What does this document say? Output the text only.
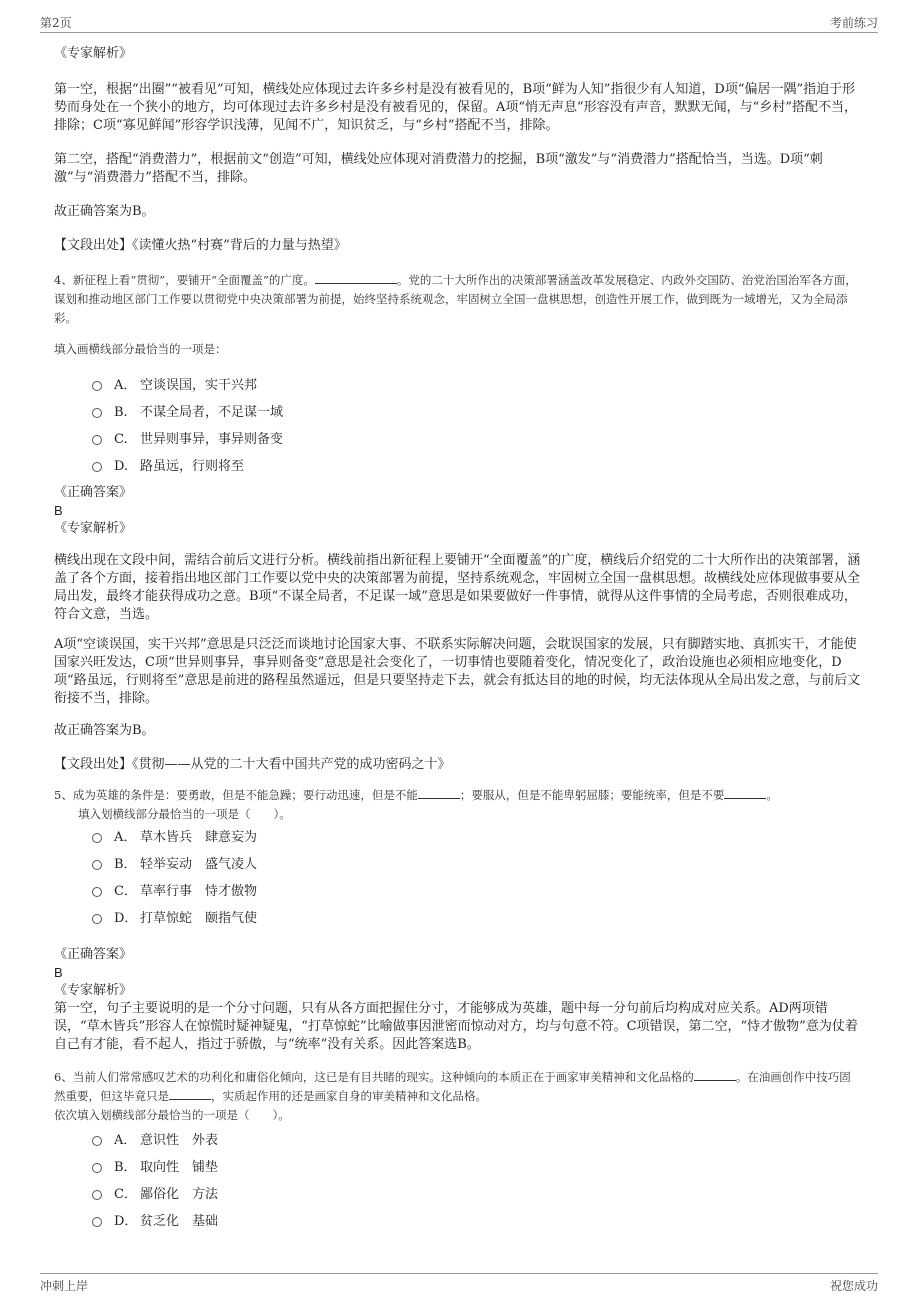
第2页	考前练习

《专家解析》

第一空，根据“出圈”“被看见”可知，横线处应体现过去许多乡村是没有被看见的，B项“鲜为人知”指很少有人知道，D项“偏居一隅”指迫于形势而身处在一个狭小的地方，均可体现过去许多乡村是没有被看见的，保留。A项“悄无声息”形容没有声音，默默无闻，与“乡村”搭配不当，排除；C项“寡见鲜闻”形容学识浅薄，见闻不广，知识贫乏，与“乡村”搭配不当，排除。

第二空，搭配“消费潜力”，根据前文“创造”可知，横线处应体现对消费潜力的挖掘，B项“激发”与“消费潜力”搭配恰当，当选。D项“刺激”与“消费潜力”搭配不当，排除。

故正确答案为B。

【文段出处】《读懂火热“村赛”背后的力量与热望》

4、新征程上看“贯彻”，要铺开“全面覆盖”的广度。	。党的二十大所作出的决策部署涵盖改革发展稳定、内政外交国防、治党治国治军各方面，谋划和推动地区部门工作要以贯彻党中央决策部署为前提，始终坚持系统观念，牢固树立全国一盘棋思想，创造性开展工作，做到既为一域增光，又为全局添彩。

填入画横线部分最恰当的一项是：

A． 空谈误国，实干兴邦
B. 不谋全局者，不足谋一域
C. 世异则事异，事异则备变
D. 路虽远，行则将至

《正确答案》

B

《专家解析》

横线出现在文段中间，需结合前后文进行分析。横线前指出新征程上要铺开“全面覆盖”的广度，横线后介绍党的二十大所作出的决策部署，涵盖了各个方面，接着指出地区部门工作要以党中央的决策部署为前提，坚持系统观念，牢固树立全国一盘棋思想。故横线处应体现做事要从全局出发，最终才能获得成功之意。B项“不谋全局者，不足谋一域”意思是如果要做好一件事情，就得从这件事情的全局考虑，否则很难成功，符合文意，当选。

A项“空谈误国，实干兴邦”意思是只泛泛而谈地讨论国家大事、不联系实际解决问题，会耽误国家的发展，只有脚踏实地、真抓实干，才能使国家兴旺发达，C项“世异则事异，事异则备变”意思是社会变化了，一切事情也要随着变化，情况变化了，政治设施也必须相应地变化，D项“路虽远，行则将至”意思是前进的路程虽然遥远，但是只要坚持走下去，就会有抵达目的地的时候，均无法体现从全局出发之意，与前后文衔接不当，排除。

故正确答案为B。

【文段出处】《贯彻——从党的二十大看中国共产党的成功密码之十》

5、成为英雄的条件是：要勇敢，但是不能急躁；要行动迅速，但是不能	；要服从，但是不能卑躬屈膝；要能统率，但是不要	。

填入划横线部分最恰当的一项是（　　）。

A． 草木皆兵　肆意妄为
B． 轻举妄动　盛气凌人
C． 草率行事　恃才傲物
D． 打草惊蛇　颐指气使

《正确答案》

B

《专家解析》

第一空，句子主要说明的是一个分寸问题，只有从各方面把握住分寸，才能够成为英雄，题中每一分句前后均构成对应关系。AD两项错误，“草木皆兵”形容人在惊慌时疑神疑鬼，“打草惊蛇”比喻做事因泄密而惊动对方，均与句意不符。C项错误，第二空，“恃才傲物”意为仗着自己有才能，看不起人，指过于骄傲，与“统率”没有关系。因此答案选B。

6、当前人们常常感叹艺术的功利化和庸俗化倾向，这已是有目共睹的现实。这种倾向的本质正在于画家审美精神和文化品格的	。在油画创作中技巧固然重要，但这毕竟只是	，实质起作用的还是画家自身的审美精神和文化品格。

依次填入划横线部分最恰当的一项是（　　）。

A． 意识性　外表
B． 取向性　铺垫
C． 鄙俗化　方法
D． 贫乏化　基础
冲刺上岸	祝您成功
